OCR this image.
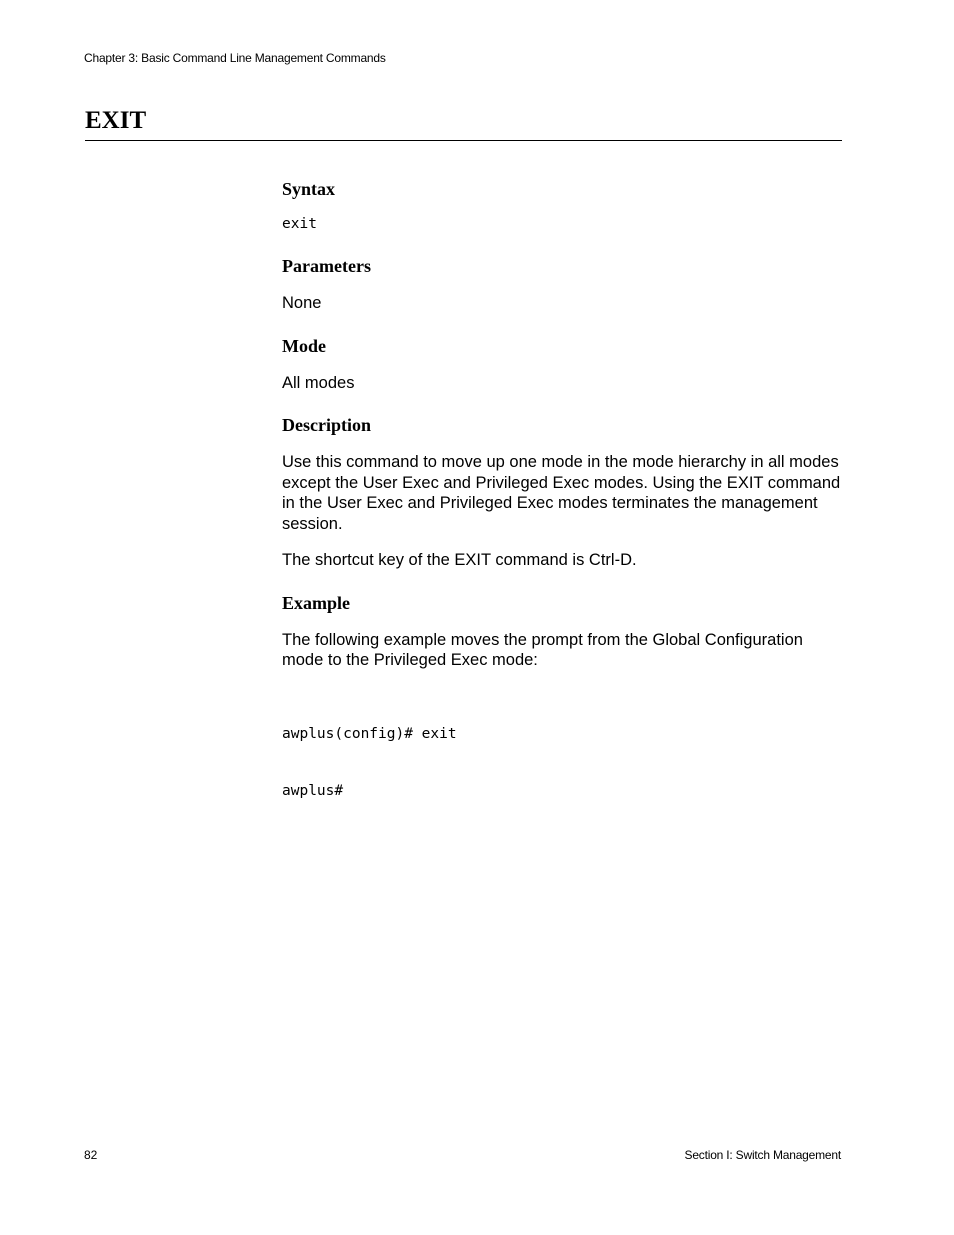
Chapter 3: Basic Command Line Management Commands
EXIT
Syntax

exit

Parameters

None

Mode

All modes

Description

Use this command to move up one mode in the mode hierarchy in all modes except the User Exec and Privileged Exec modes. Using the EXIT command in the User Exec and Privileged Exec modes terminates the management session.

The shortcut key of the EXIT command is Ctrl-D.

Example

The following example moves the prompt from the Global Configuration mode to the Privileged Exec mode:

awplus(config)# exit

awplus#

82	Section I: Switch Management
